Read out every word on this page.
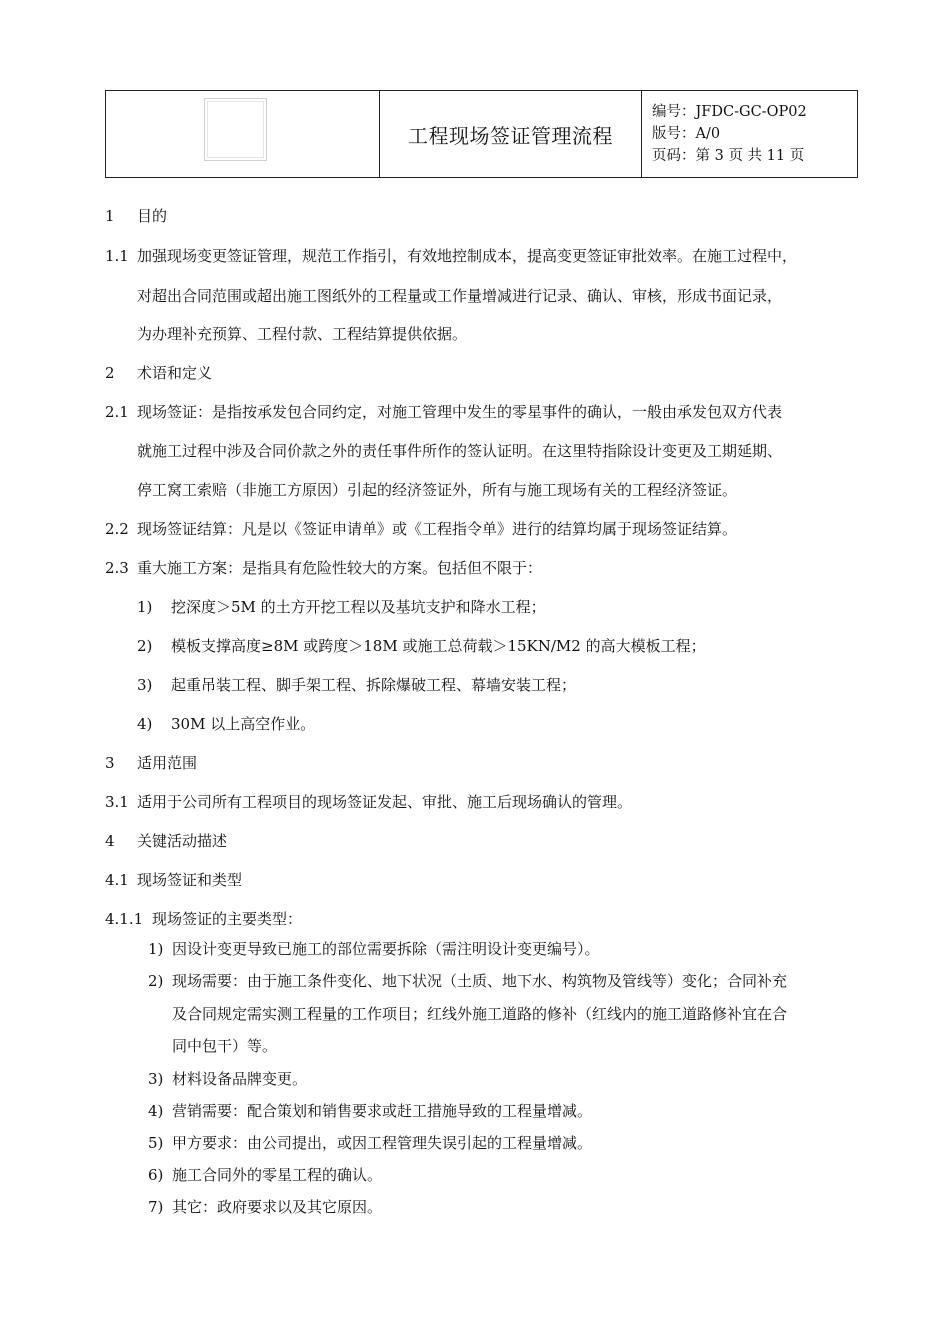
工程现场签证管理流程
编号：JFDC-GC-OP02
版号：A/0
页码：第 3 页 共 11 页
1 目的
1.1 加强现场变更签证管理，规范工作指引，有效地控制成本，提高变更签证审批效率。在施工过程中，
对超出合同范围或超出施工图纸外的工程量或工作量增减进行记录、确认、审核，形成书面记录，
为办理补充预算、工程付款、工程结算提供依据。
2 术语和定义
2.1 现场签证：是指按承发包合同约定，对施工管理中发生的零星事件的确认，一般由承发包双方代表
就施工过程中涉及合同价款之外的责任事件所作的签认证明。在这里特指除设计变更及工期延期、
停工窝工索赔（非施工方原因）引起的经济签证外，所有与施工现场有关的工程经济签证。
2.2 现场签证结算：凡是以《签证申请单》或《工程指令单》进行的结算均属于现场签证结算。
2.3 重大施工方案：是指具有危险性较大的方案。包括但不限于：
1) 挖深度＞5M 的土方开挖工程以及基坑支护和降水工程；
2) 模板支撑高度≥8M 或跨度＞18M 或施工总荷载＞15KN/M2 的高大模板工程；
3) 起重吊装工程、脚手架工程、拆除爆破工程、幕墙安装工程；
4) 30M 以上高空作业。
3 适用范围
3.1 适用于公司所有工程项目的现场签证发起、审批、施工后现场确认的管理。
4 关键活动描述
4.1 现场签证和类型
4.1.1 现场签证的主要类型：
1) 因设计变更导致已施工的部位需要拆除（需注明设计变更编号）。
2) 现场需要：由于施工条件变化、地下状况（土质、地下水、构筑物及管线等）变化；合同补充
及合同规定需实测工程量的工作项目；红线外施工道路的修补（红线内的施工道路修补宜在合
同中包干）等。
3) 材料设备品牌变更。
4) 营销需要：配合策划和销售要求或赶工措施导致的工程量增减。
5) 甲方要求：由公司提出，或因工程管理失误引起的工程量增减。
6) 施工合同外的零星工程的确认。
7) 其它：政府要求以及其它原因。
